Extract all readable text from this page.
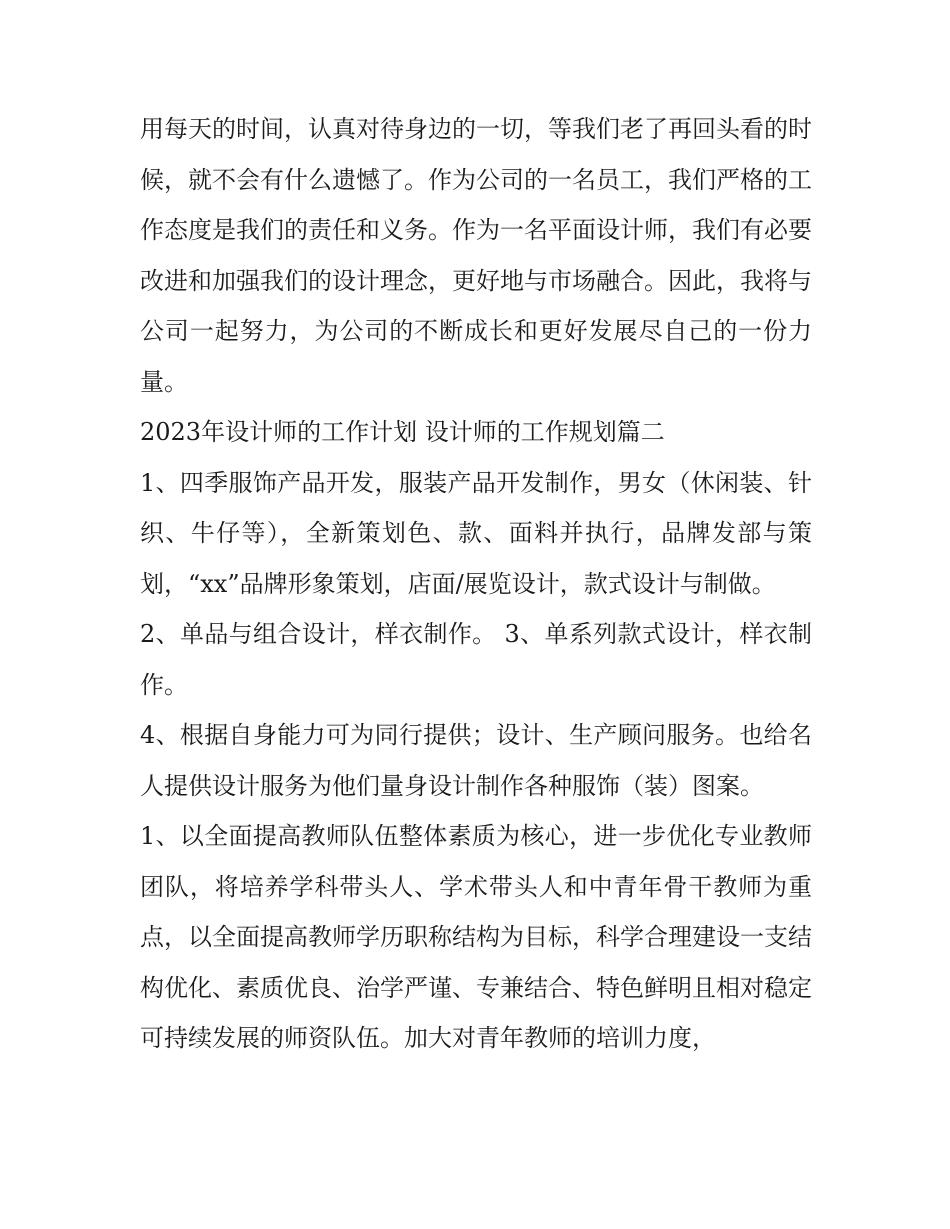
用每天的时间，认真对待身边的一切，等我们老了再回头看的时候，就不会有什么遗憾了。作为公司的一名员工，我们严格的工作态度是我们的责任和义务。作为一名平面设计师，我们有必要改进和加强我们的设计理念，更好地与市场融合。因此，我将与公司一起努力，为公司的不断成长和更好发展尽自己的一份力量。

2023年设计师的工作计划 设计师的工作规划篇二

1、四季服饰产品开发，服装产品开发制作，男女（休闲装、针织、牛仔等），全新策划色、款、面料并执行，品牌发部与策划，“xx”品牌形象策划，店面/展览设计，款式设计与制做。

2、单品与组合设计，样衣制作。 3、单系列款式设计，样衣制作。

4、根据自身能力可为同行提供；设计、生产顾问服务。也给名人提供设计服务为他们量身设计制作各种服饰（装）图案。

1、以全面提高教师队伍整体素质为核心，进一步优化专业教师团队，将培养学科带头人、学术带头人和中青年骨干教师为重点，以全面提高教师学历职称结构为目标，科学合理建设一支结构优化、素质优良、治学严谨、专兼结合、特色鲜明且相对稳定可持续发展的师资队伍。加大对青年教师的培训力度，
